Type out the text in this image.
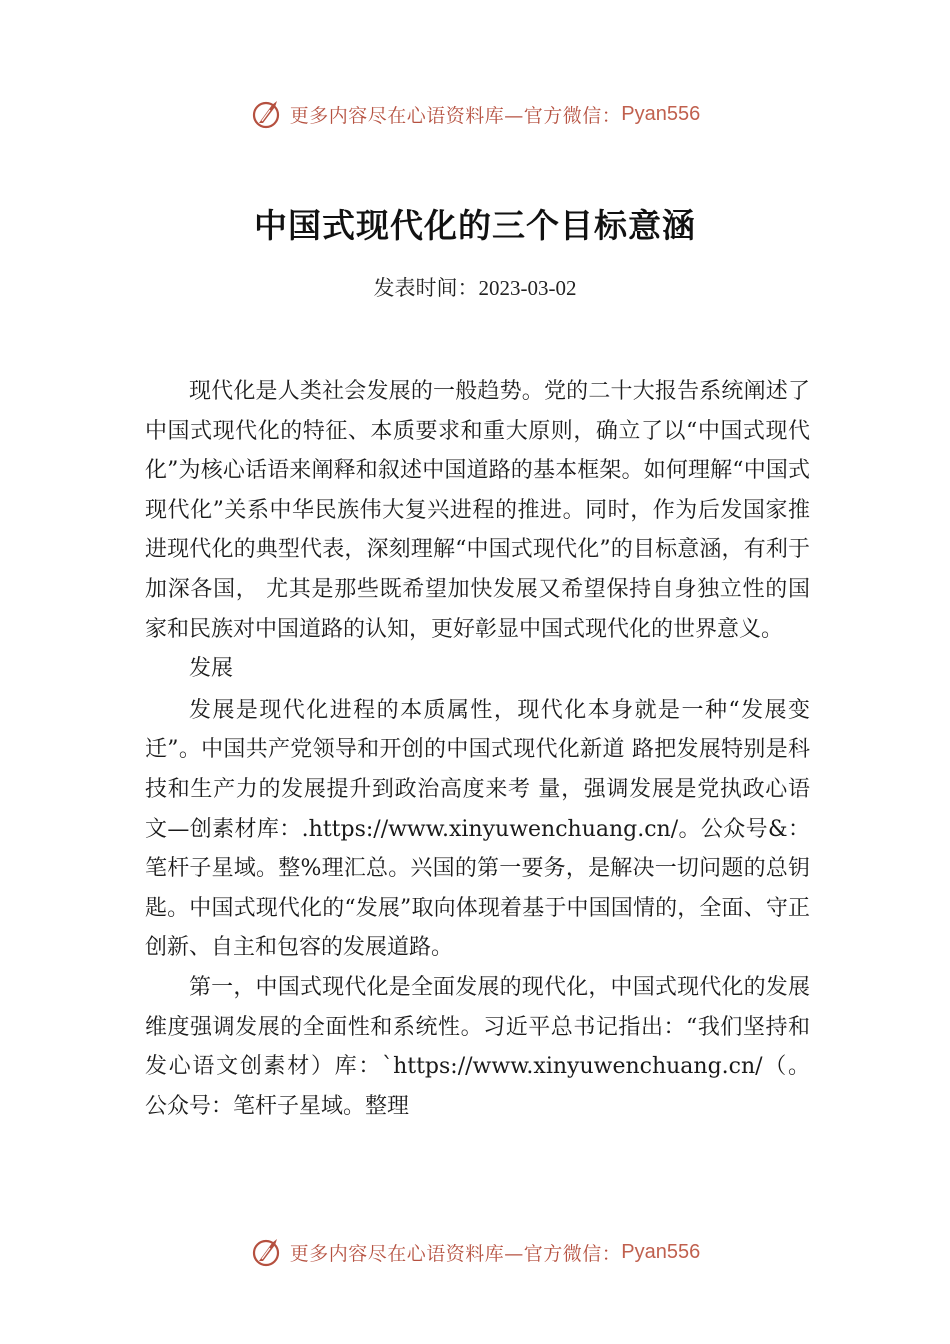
更多内容尽在心语资料库—官方微信： Pyan556
中国式现代化的三个目标意涵
发表时间：2023-03-02

现代化是人类社会发展的一般趋势。党的二十大报告系统阐述了中国式现代化的特征、本质要求和重大原则，确立了以“中国式现代化”为核心话语来阐释和叙述中国道路的基本框架。如何理解“中国式现代化”关系中华民族伟大复兴进程的推进。同时，作为后发国家推进现代化的典型代表，深刻理解“中国式现代化”的目标意涵，有利于加深各国， 尤其是那些既希望加快发展又希望保持自身独立性的国家和民族对中国道路的认知，更好彰显中国式现代化的世界意义。

发展

发展是现代化进程的本质属性，现代化本身就是一种“发展变迁”。中国共产党领导和开创的中国式现代化新道 路把发展特别是科技和生产力的发展提升到政治高度来考 量，强调发展是党执政心语文—创素材库：.https://www.xinyuwenchuang.cn/。公众号&：笔杆子星域。整%理汇总。兴国的第一要务，是解决一切问题的总钥匙。中国式现代化的“发展”取向体现着基于中国国情的，全面、守正创新、自主和包容的发展道路。

第一，中国式现代化是全面发展的现代化，中国式现代化的发展维度强调发展的全面性和系统性。习近平总书记指出：“我们坚持和发心语文创素材）库：`https://www.xinyuwenchuang.cn/（。公众号：笔杆子星域。整理

更多内容尽在心语资料库—官方微信： Pyan556
